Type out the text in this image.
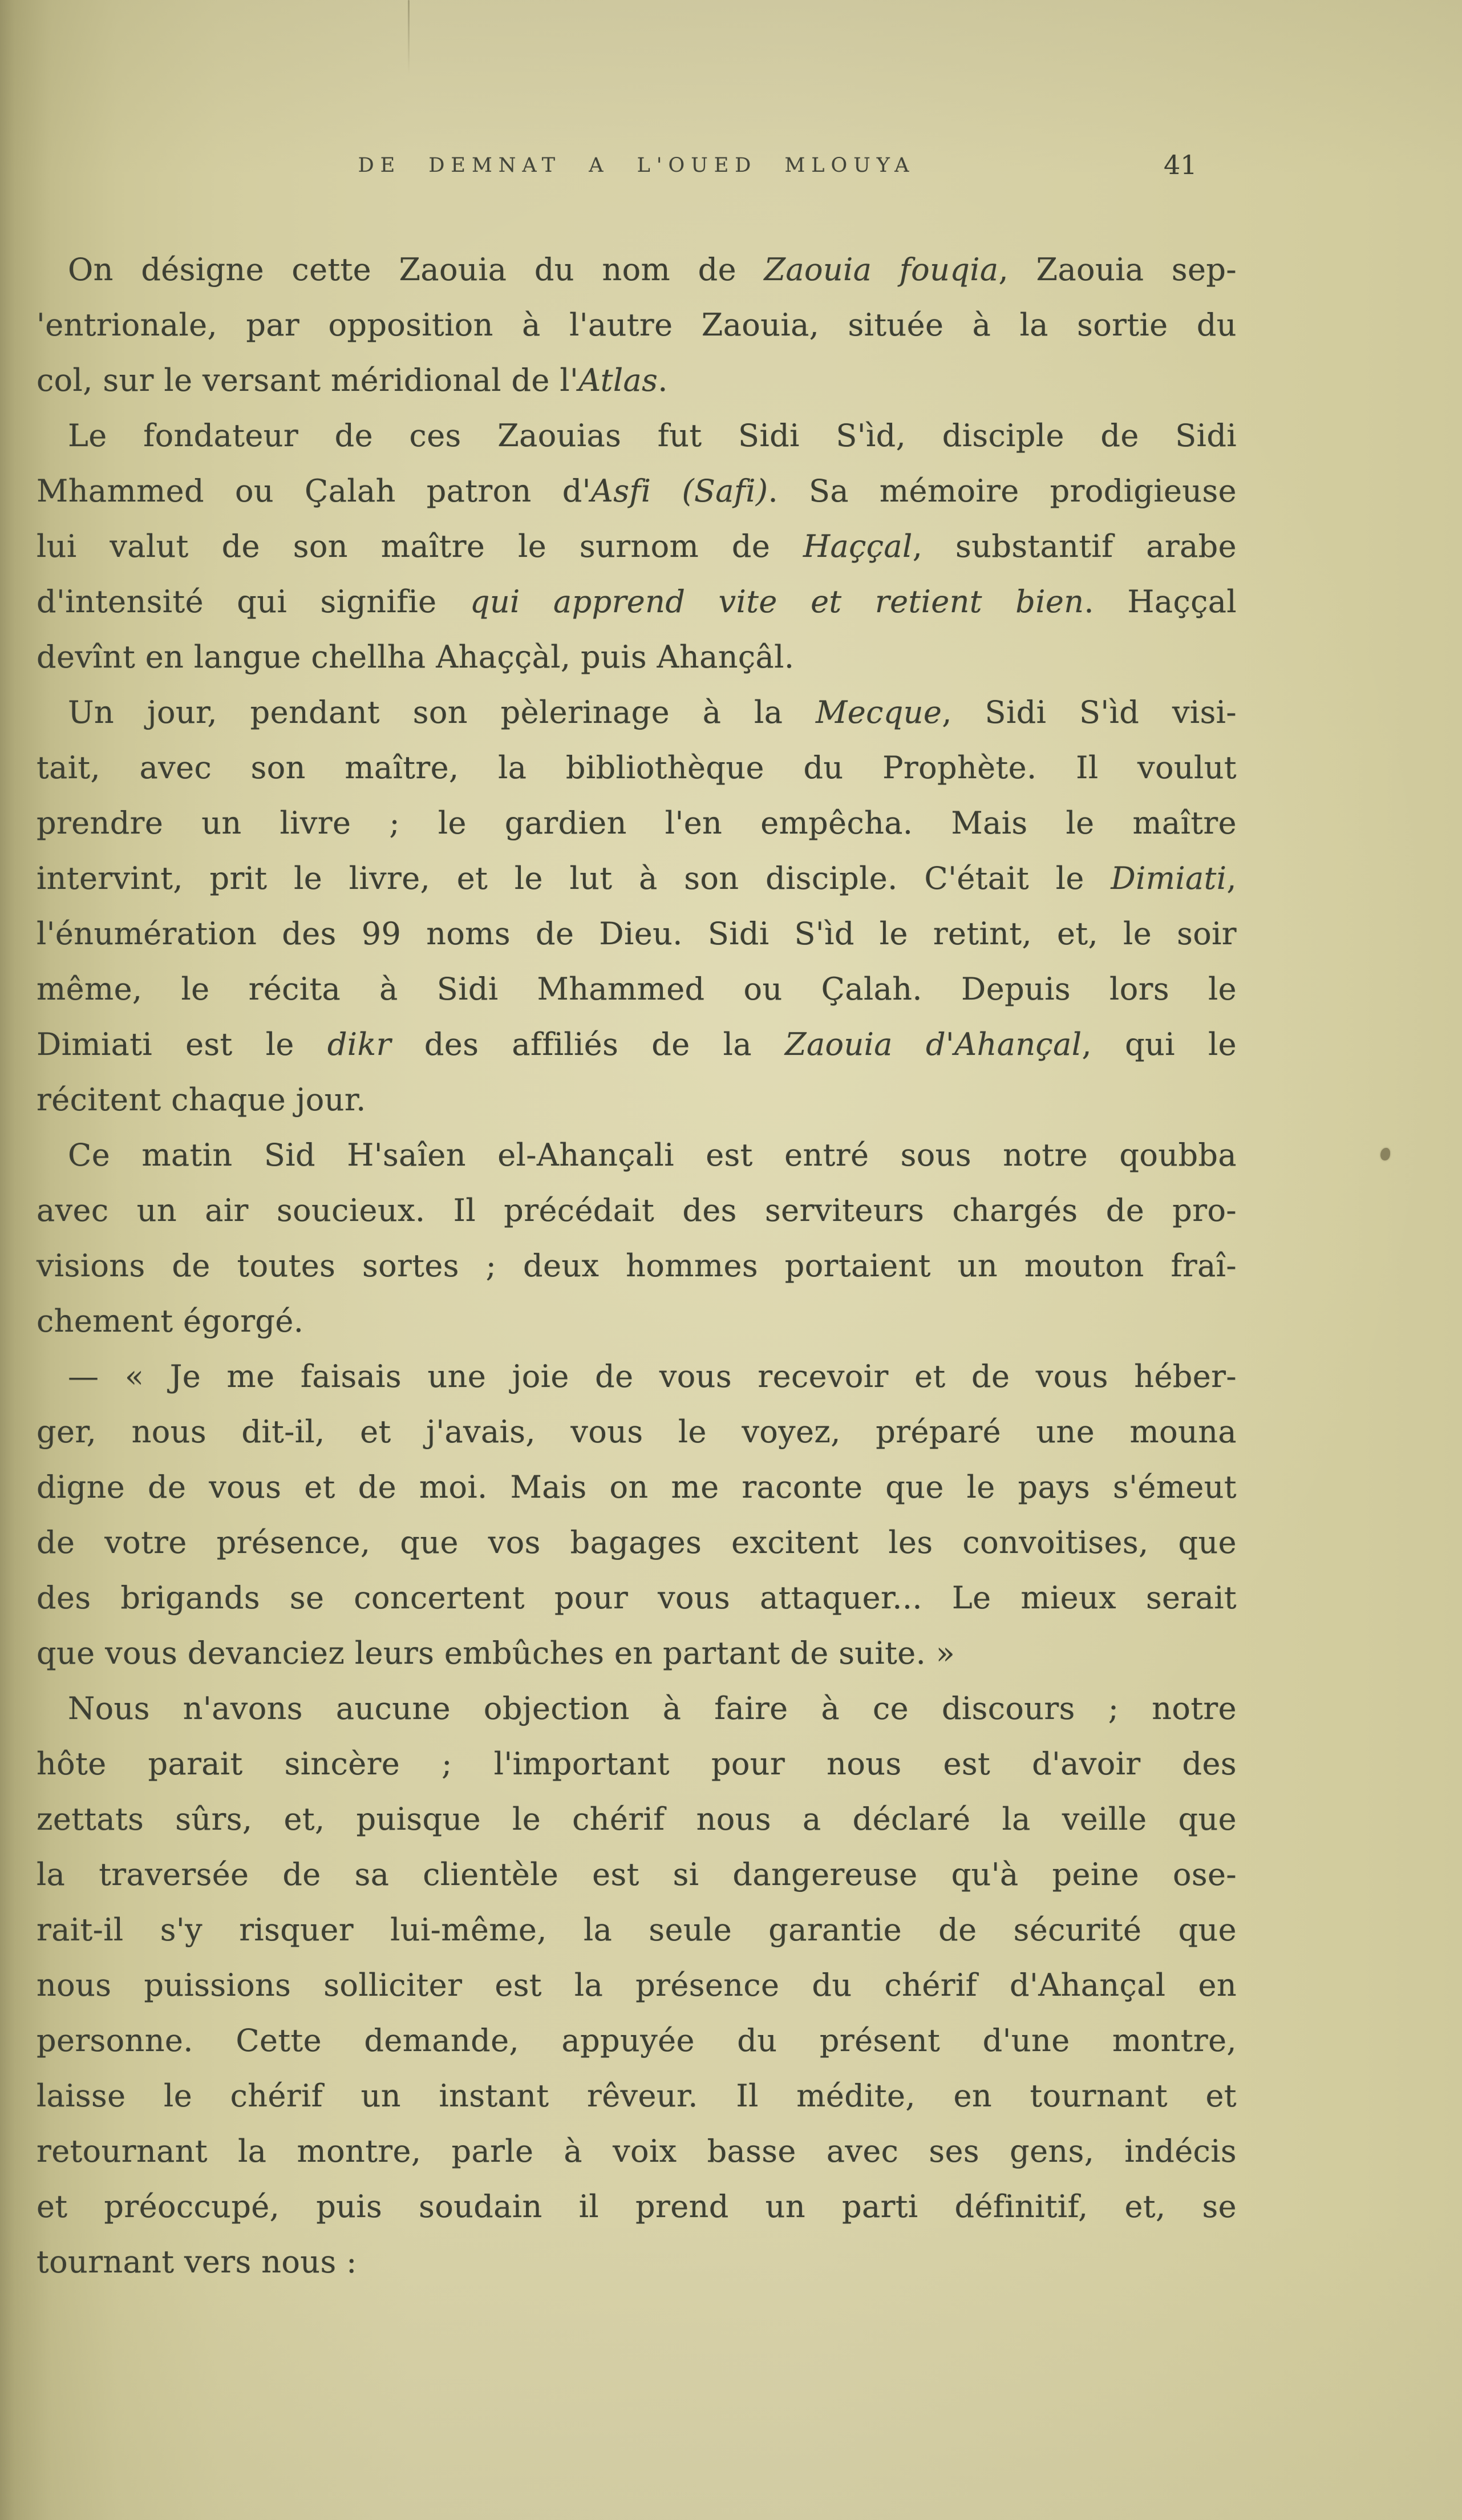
DE DEMNAT A L'OUED MLOUYA	41
On désigne cette Zaouia du nom de Zaouia fouqia, Zaouia sep-
'entrionale, par opposition à l'autre Zaouia, située à la sortie du
col, sur le versant méridional de l'Atlas.
Le fondateur de ces Zaouias fut Sidi S'ìd, disciple de Sidi
Mhammed ou Çalah patron d'Asfi (Safi). Sa mémoire prodigieuse
lui valut de son maître le surnom de Haççal, substantif arabe
d'intensité qui signifie qui apprend vite et retient bien. Haççal
devînt en langue chellha Ahaççàl, puis Ahançâl.
Un jour, pendant son pèlerinage à la Mecque, Sidi S'ìd visi-
tait, avec son maître, la bibliothèque du Prophète. Il voulut
prendre un livre ; le gardien l'en empêcha. Mais le maître
intervint, prit le livre, et le lut à son disciple. C'était le Dimiati,
l'énumération des 99 noms de Dieu. Sidi S'ìd le retint, et, le soir
même, le récita à Sidi Mhammed ou Çalah. Depuis lors le
Dimiati est le dikr des affiliés de la Zaouia d'Ahançal, qui le
récitent chaque jour.
Ce matin Sid H'saîen el-Ahançali est entré sous notre qoubba
avec un air soucieux. Il précédait des serviteurs chargés de pro-
visions de toutes sortes ; deux hommes portaient un mouton fraî-
chement égorgé.
— « Je me faisais une joie de vous recevoir et de vous héber-
ger, nous dit-il, et j'avais, vous le voyez, préparé une mouna
digne de vous et de moi. Mais on me raconte que le pays s'émeut
de votre présence, que vos bagages excitent les convoitises, que
des brigands se concertent pour vous attaquer... Le mieux serait
que vous devanciez leurs embûches en partant de suite. »
Nous n'avons aucune objection à faire à ce discours ; notre
hôte parait sincère ; l'important pour nous est d'avoir des
zettats sûrs, et, puisque le chérif nous a déclaré la veille que
la traversée de sa clientèle est si dangereuse qu'à peine ose-
rait-il s'y risquer lui-même, la seule garantie de sécurité que
nous puissions solliciter est la présence du chérif d'Ahançal en
personne. Cette demande, appuyée du présent d'une montre,
laisse le chérif un instant rêveur. Il médite, en tournant et
retournant la montre, parle à voix basse avec ses gens, indécis
et préoccupé, puis soudain il prend un parti définitif, et, se
tournant vers nous :
